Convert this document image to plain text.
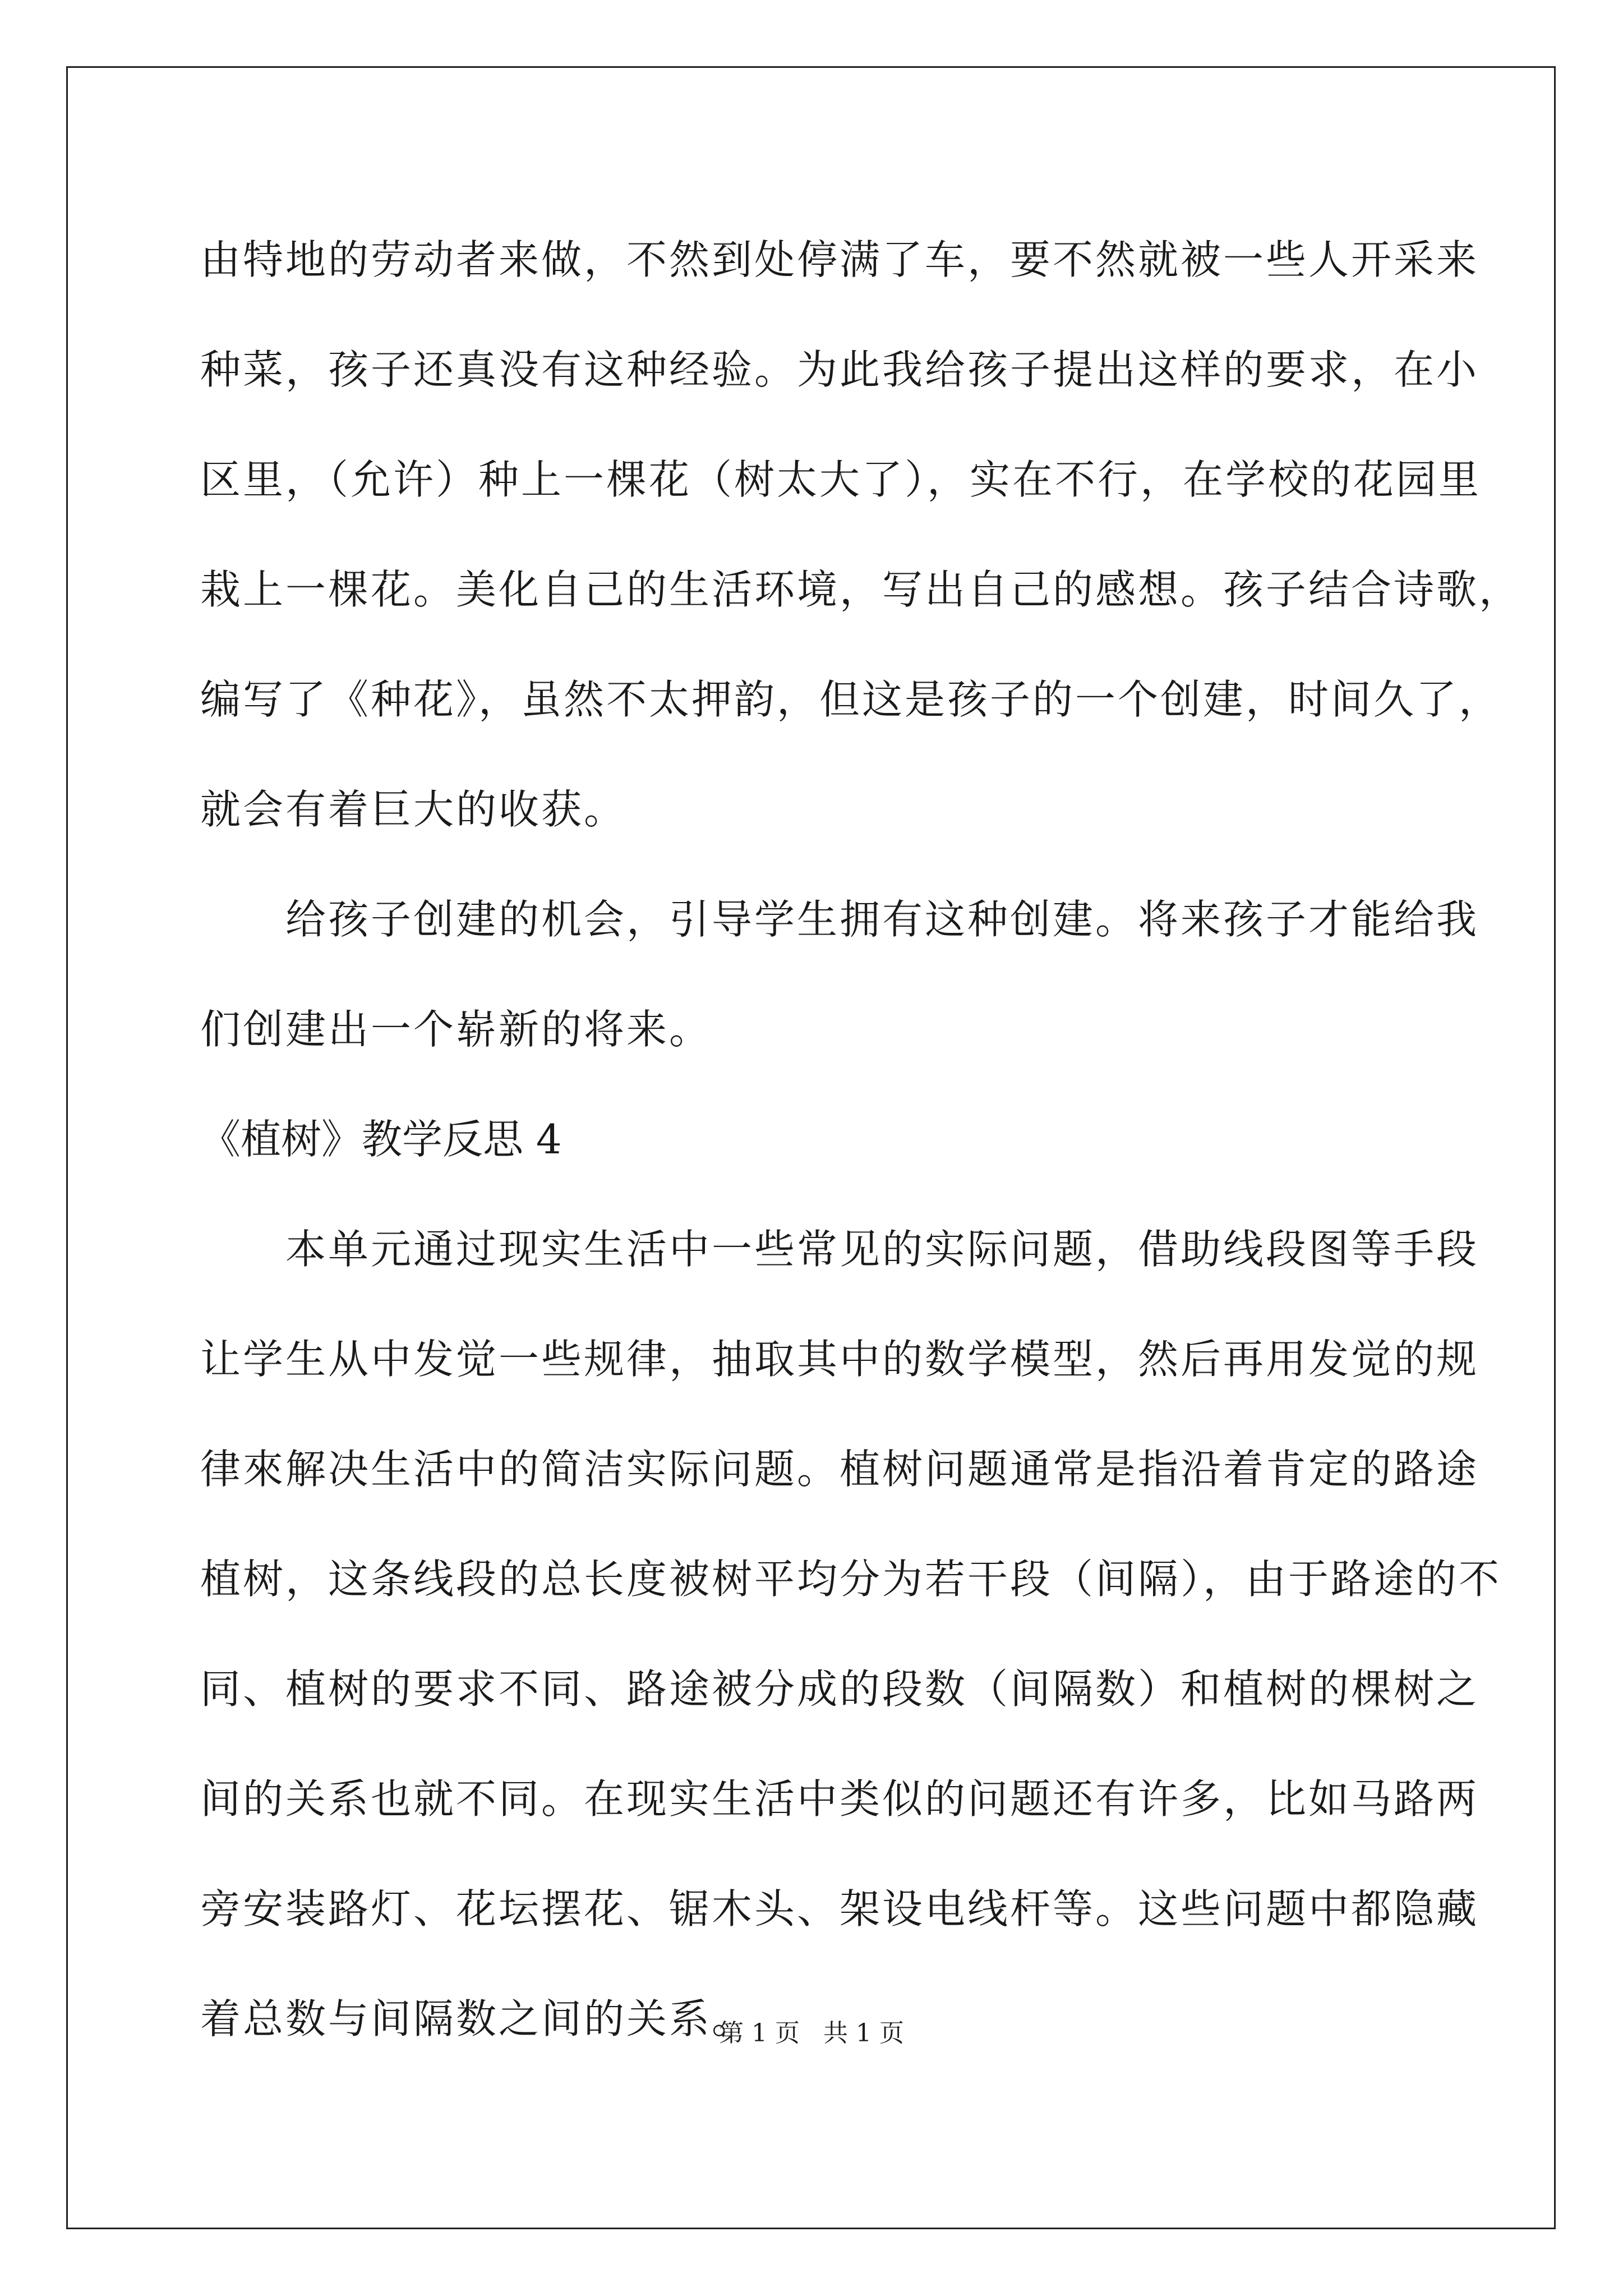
由特地的劳动者来做，不然到处停满了车，要不然就被一些人开采来
种菜，孩子还真没有这种经验。为此我给孩子提出这样的要求，在小
区里，（允许）种上一棵花（树太大了），实在不行，在学校的花园里
栽上一棵花。美化自己的生活环境，写出自己的感想。孩子结合诗歌，
编写了《种花》，虽然不太押韵，但这是孩子的一个创建，时间久了，
就会有着巨大的收获。
给孩子创建的机会，引导学生拥有这种创建。将来孩子才能给我
们创建出一个崭新的将来。
《植树》教学反思 4
本单元通过现实生活中一些常见的实际问题，借助线段图等手段
让学生从中发觉一些规律，抽取其中的数学模型，然后再用发觉的规
律來解决生活中的简洁实际问题。植树问题通常是指沿着肯定的路途
植树，这条线段的总长度被树平均分为若干段（间隔），由于路途的不
同、植树的要求不同、路途被分成的段数（间隔数）和植树的棵树之
间的关系也就不同。在现实生活中类似的问题还有许多，比如马路两
旁安装路灯、花坛摆花、锯木头、架设电线杆等。这些问题中都隐藏
着总数与间隔数之间的关系。
第 1 页   共 1 页
